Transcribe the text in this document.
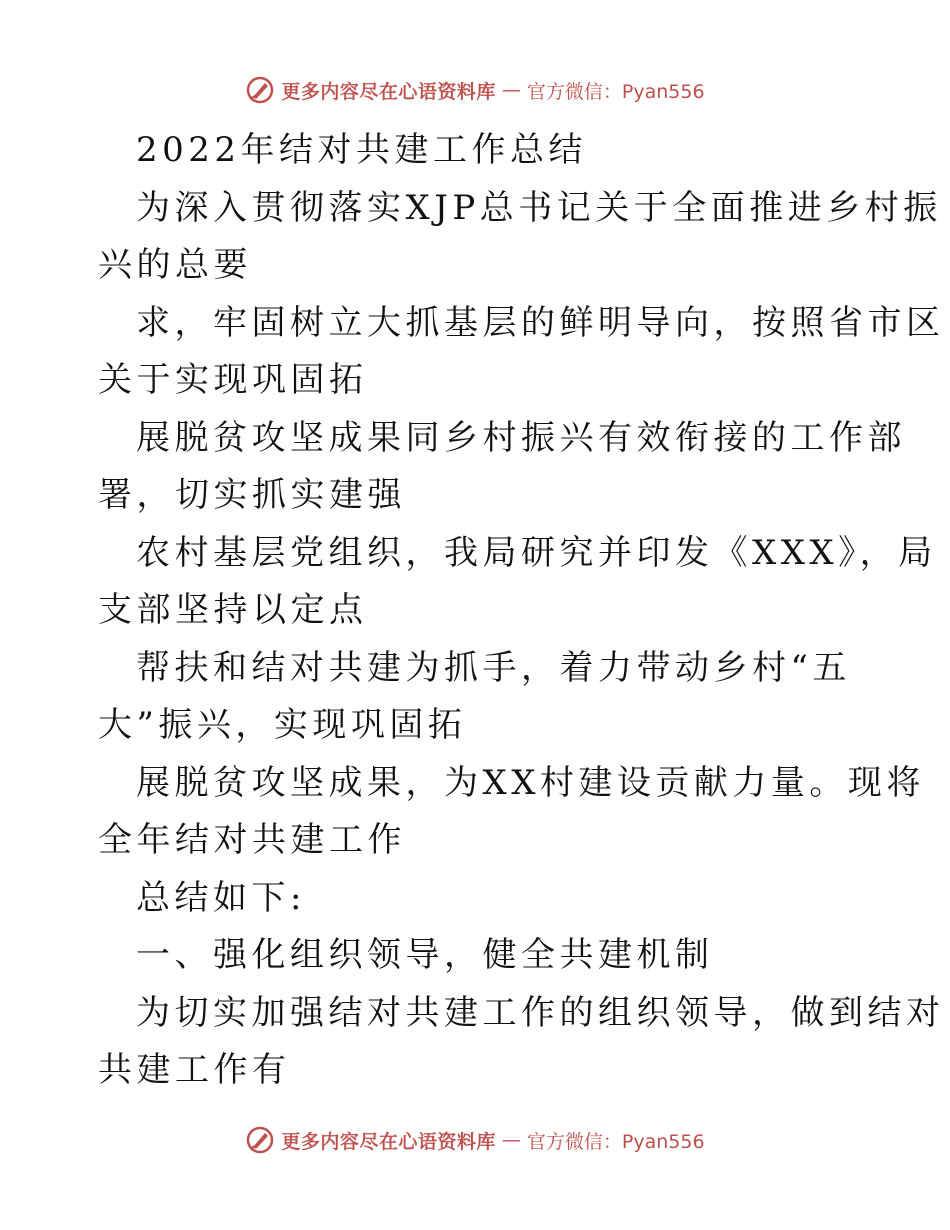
更多内容尽在心语资料库 — 官方微信：Pyan556
2022年结对共建工作总结
为深入贯彻落实XJP总书记关于全面推进乡村振
兴的总要
求，牢固树立大抓基层的鲜明导向，按照省市区
关于实现巩固拓
展脱贫攻坚成果同乡村振兴有效衔接的工作部
署，切实抓实建强
农村基层党组织，我局研究并印发《XXX》，局
支部坚持以定点
帮扶和结对共建为抓手，着力带动乡村“五
大”振兴，实现巩固拓
展脱贫攻坚成果，为XX村建设贡献力量。现将
全年结对共建工作
总结如下:
一、强化组织领导，健全共建机制
为切实加强结对共建工作的组织领导，做到结对
共建工作有
更多内容尽在心语资料库 — 官方微信：Pyan556
